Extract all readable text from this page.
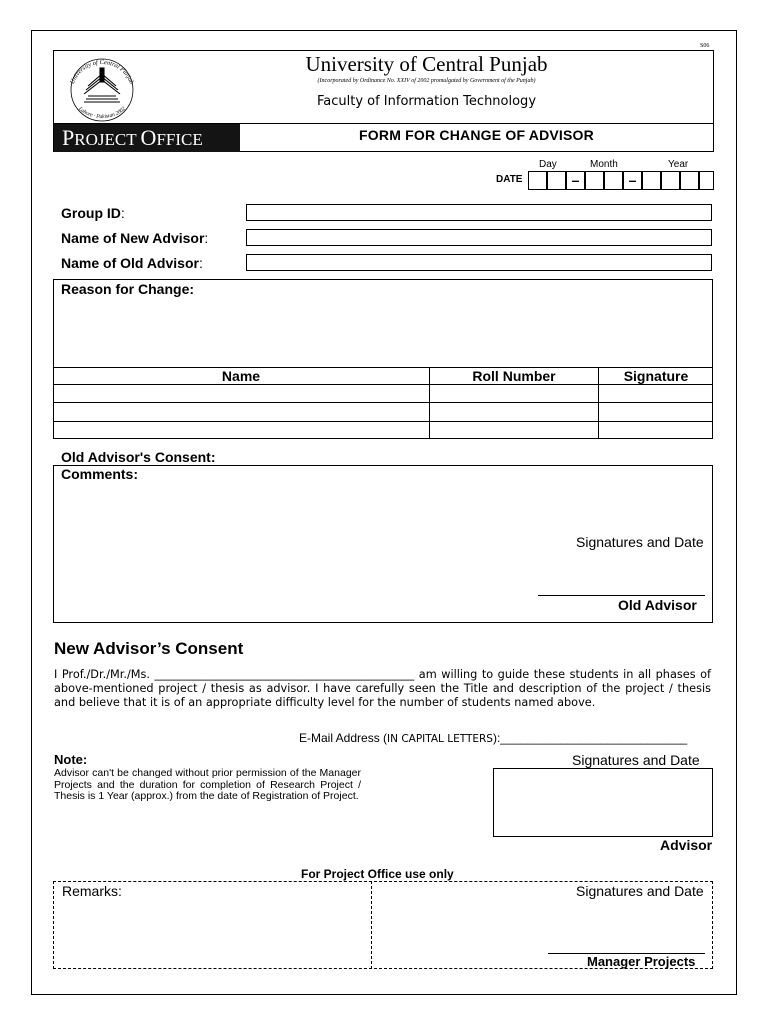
S06
University of Central Punjab
Lahore · Pakistan 2002
University of Central Punjab
(Incorporated by Ordinance No. XXIV of 2002 promulgated by Government of the Punjab)
Faculty of Information Technology
PROJECT OFFICE	FORM FOR CHANGE OF ADVISOR
Day	Month	Year
DATE	–	–
Group ID:
Name of New Advisor:
Name of Old Advisor:
Reason for Change:
Name	Roll Number	Signature
Old Advisor's Consent:
Comments:
Signatures and Date
Old Advisor
New Advisor’s Consent
I Prof./Dr./Mr./Ms. ______________________________________________ am willing to guide these students in all phases of above-mentioned project / thesis as advisor. I have carefully seen the Title and description of the project / thesis and believe that it is of an appropriate difficulty level for the number of students named above.
E-Mail Address (IN CAPITAL LETTERS):____________________________
Note:
Advisor can't be changed without prior permission of the Manager Projects and the duration for completion of Research Project / Thesis is 1 Year (approx.) from the date of Registration of Project.
Signatures and Date
Advisor
For Project Office use only
Remarks:	Signatures and Date
Manager Projects
